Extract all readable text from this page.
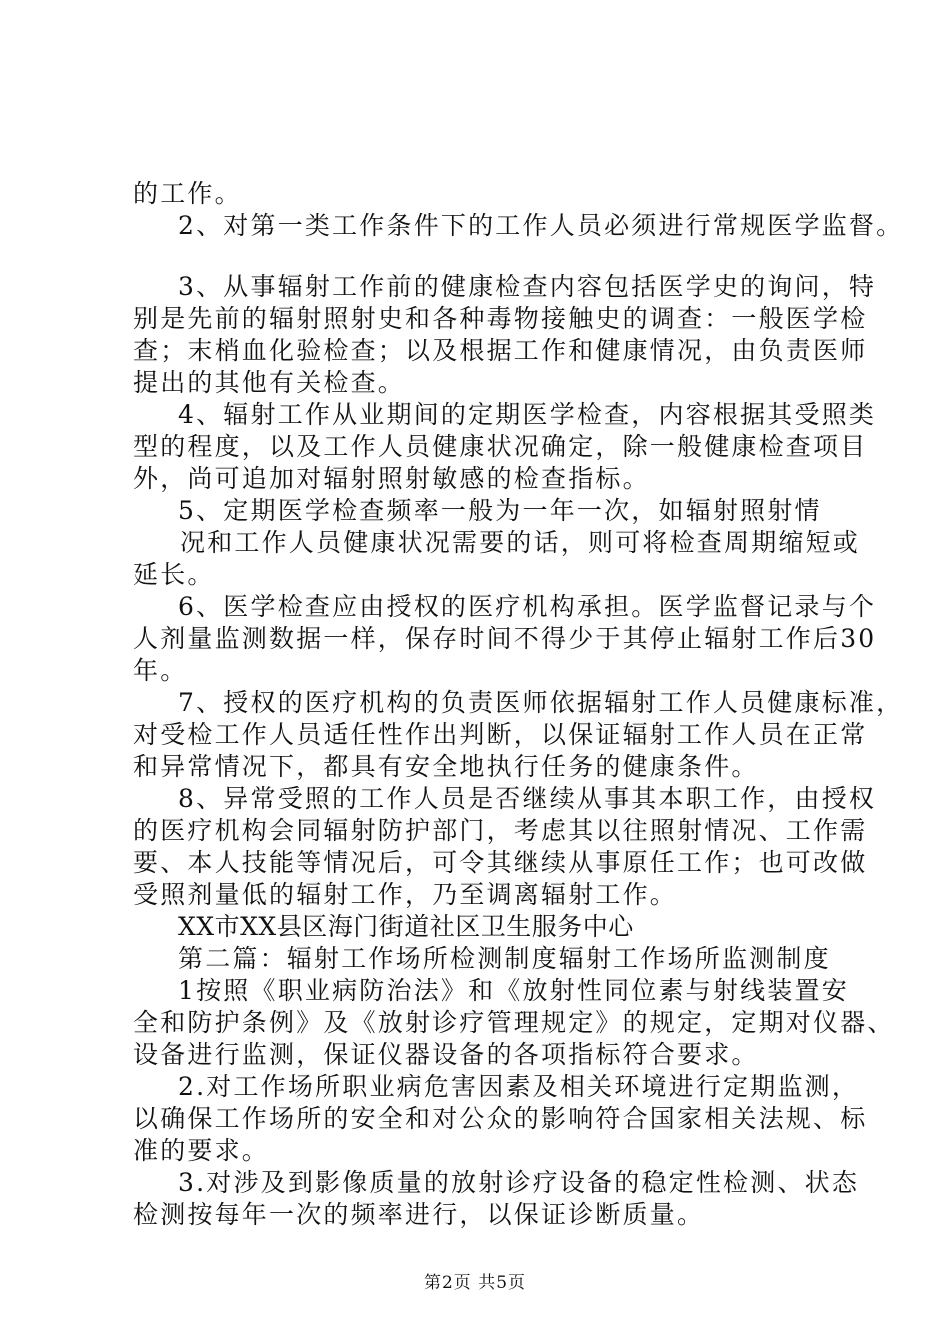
的工作。
2、对第一类工作条件下的工作人员必须进行常规医学监督。
3、从事辐射工作前的健康检查内容包括医学史的询问，特
别是先前的辐射照射史和各种毒物接触史的调查：一般医学检
查；末梢血化验检查；以及根据工作和健康情况，由负责医师
提出的其他有关检查。
4、辐射工作从业期间的定期医学检查，内容根据其受照类
型的程度，以及工作人员健康状况确定，除一般健康检查项目
外，尚可追加对辐射照射敏感的检查指标。
5、定期医学检查频率一般为一年一次，如辐射照射情
况和工作人员健康状况需要的话，则可将检查周期缩短或
延长。
6、医学检查应由授权的医疗机构承担。医学监督记录与个
人剂量监测数据一样，保存时间不得少于其停止辐射工作后30
年。
7、授权的医疗机构的负责医师依据辐射工作人员健康标准，
对受检工作人员适任性作出判断，以保证辐射工作人员在正常
和异常情况下，都具有安全地执行任务的健康条件。
8、异常受照的工作人员是否继续从事其本职工作，由授权
的医疗机构会同辐射防护部门，考虑其以往照射情况、工作需
要、本人技能等情况后，可令其继续从事原任工作；也可改做
受照剂量低的辐射工作，乃至调离辐射工作。
XX市XX县区海门街道社区卫生服务中心
第二篇：辐射工作场所检测制度辐射工作场所监测制度
1按照《职业病防治法》和《放射性同位素与射线装置安
全和防护条例》及《放射诊疗管理规定》的规定，定期对仪器、
设备进行监测，保证仪器设备的各项指标符合要求。
2.对工作场所职业病危害因素及相关环境进行定期监测，
以确保工作场所的安全和对公众的影响符合国家相关法规、标
准的要求。
3.对涉及到影像质量的放射诊疗设备的稳定性检测、状态
检测按每年一次的频率进行，以保证诊断质量。
第2页 共5页
